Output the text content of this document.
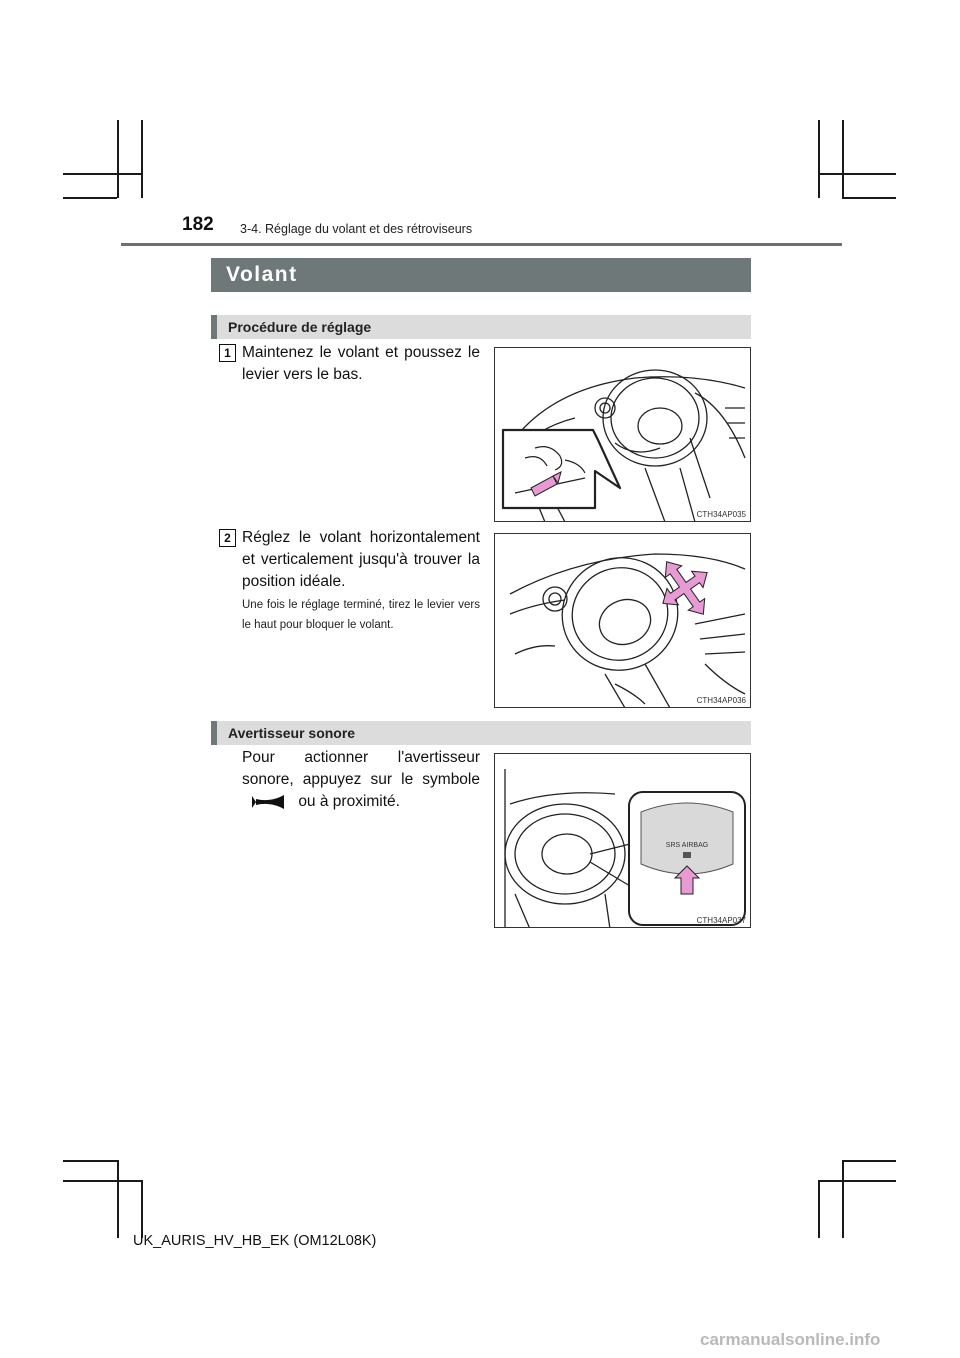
182 3-4. Réglage du volant et des rétroviseurs
Volant
Procédure de réglage
1 Maintenez le volant et poussez le levier vers le bas.
CTH34AP035
2 Réglez le volant horizontalement et verticalement jusqu'à trouver la position idéale.
Une fois le réglage terminé, tirez le levier vers le haut pour bloquer le volant.
CTH34AP036
Avertisseur sonore
Pour actionner l'avertisseur sonore, appuyez sur le symbole  ou à proximité.
SRS AIRBAG
CTH34AP037
UK_AURIS_HV_HB_EK (OM12L08K)
carmanualsonline.info
